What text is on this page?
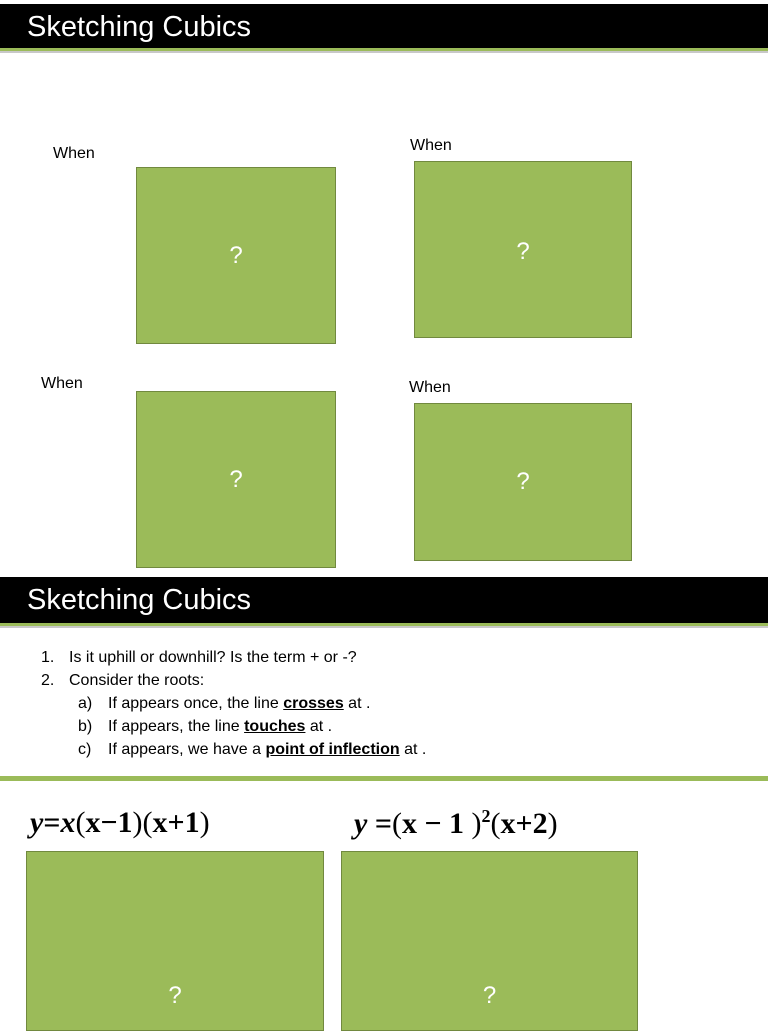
Sketching Cubics
When	When
When	When
?	?
?	?
Sketching Cubics
1. Is it uphill or downhill? Is the term + or -?
2. Consider the roots:
a) If appears once, the line crosses at .
b) If appears, the line touches at .
c) If appears, we have a point of inflection at .
y=x(x−1)(x+1)	y =(x − 1 )$^2$(x+2)
?	?
